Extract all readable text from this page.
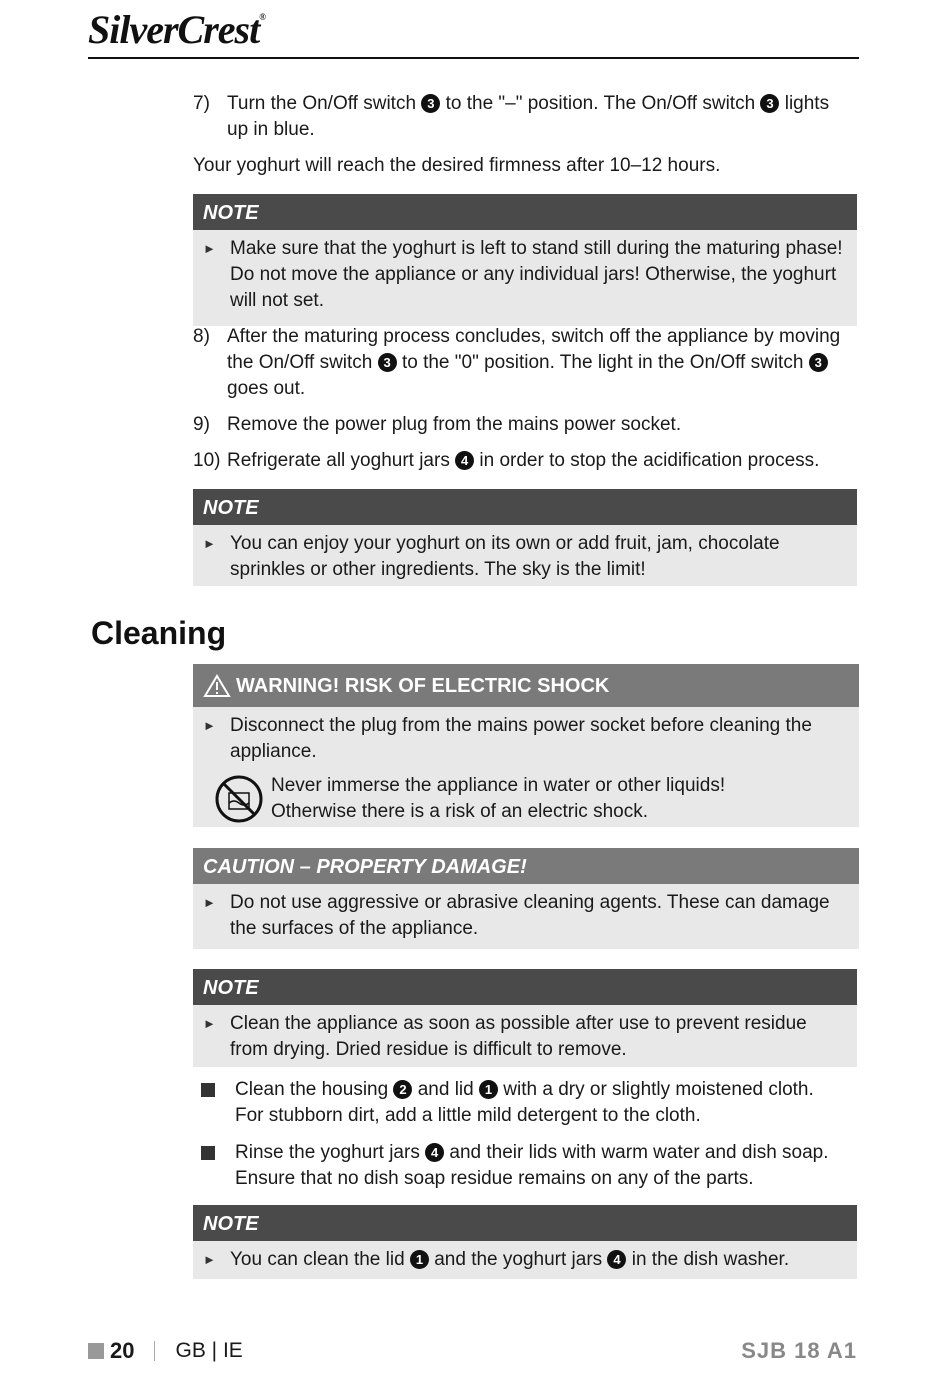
SilverCrest®
7) Turn the On/Off switch 3 to the "–" position. The On/Off switch 3 lights up in blue.
Your yoghurt will reach the desired firmness after 10–12 hours.
NOTE
► Make sure that the yoghurt is left to stand still during the maturing phase! Do not move the appliance or any individual jars! Otherwise, the yoghurt will not set.
8) After the maturing process concludes, switch off the appliance by moving the On/Off switch 3 to the "0" position. The light in the On/Off switch 3 goes out.
9) Remove the power plug from the mains power socket.
10) Refrigerate all yoghurt jars 4 in order to stop the acidification process.
NOTE
► You can enjoy your yoghurt on its own or add fruit, jam, chocolate sprinkles or other ingredients. The sky is the limit!
Cleaning
WARNING! RISK OF ELECTRIC SHOCK
► Disconnect the plug from the mains power socket before cleaning the appliance.
Never immerse the appliance in water or other liquids!
Otherwise there is a risk of an electric shock.
CAUTION – PROPERTY DAMAGE!
► Do not use aggressive or abrasive cleaning agents. These can damage the surfaces of the appliance.
NOTE
► Clean the appliance as soon as possible after use to prevent residue from drying. Dried residue is difficult to remove.
Clean the housing 2 and lid 1 with a dry or slightly moistened cloth.
For stubborn dirt, add a little mild detergent to the cloth.
Rinse the yoghurt jars 4 and their lids with warm water and dish soap.
Ensure that no dish soap residue remains on any of the parts.
NOTE
► You can clean the lid 1 and the yoghurt jars 4 in the dish washer.
20 GB | IE	SJB 18 A1
